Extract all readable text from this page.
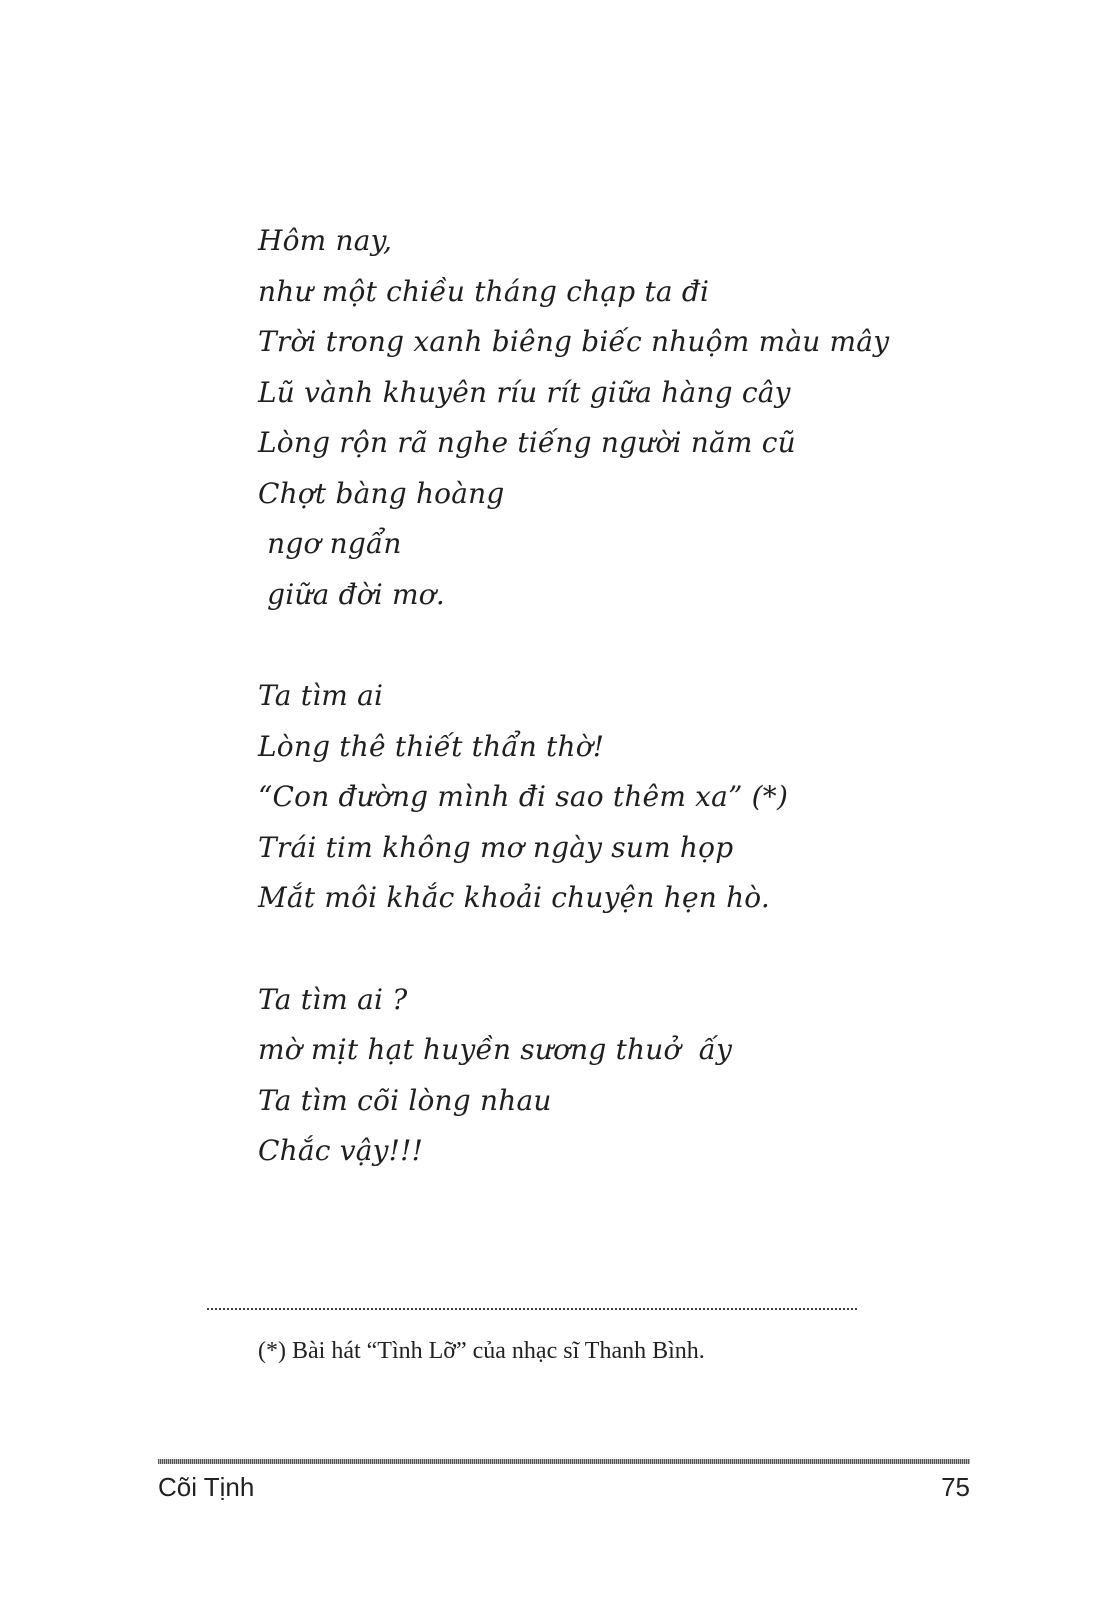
Hôm nay,
như một chiều tháng chạp ta đi
Trời trong xanh biêng biếc nhuộm màu mây
Lũ vành khuyên ríu rít giữa hàng cây
Lòng rộn rã nghe tiếng người năm cũ
Chợt bàng hoàng
ngơ ngẩn
giữa đời mơ.
Ta tìm ai
Lòng thê thiết thẩn thờ!
“Con đường mình đi sao thêm xa” (*)
Trái tim không mơ ngày sum họp
Mắt môi khắc khoải chuyện hẹn hò.
Ta tìm ai ?
mờ mịt hạt huyền sương thuở  ấy
Ta tìm cõi lòng nhau
Chắc vậy!!!
(*) Bài hát “Tình Lỡ” của nhạc sĩ Thanh Bình.
Cõi Tịnh	75
